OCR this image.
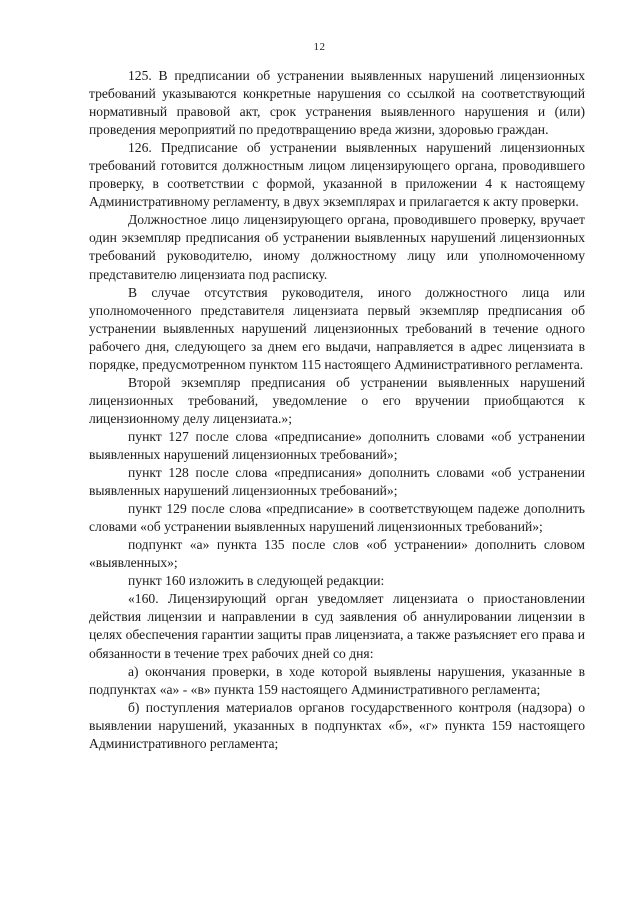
12

125. В предписании об устранении выявленных нарушений лицензионных требований указываются конкретные нарушения со ссылкой на соответствующий нормативный правовой акт, срок устранения выявленного нарушения и (или) проведения мероприятий по предотвращению вреда жизни, здоровью граждан.

126. Предписание об устранении выявленных нарушений лицензионных требований готовится должностным лицом лицензирующего органа, проводившего проверку, в соответствии с формой, указанной в приложении 4 к настоящему Административному регламенту, в двух экземплярах и прилагается к акту проверки.

Должностное лицо лицензирующего органа, проводившего проверку, вручает один экземпляр предписания об устранении выявленных нарушений лицензионных требований руководителю, иному должностному лицу или уполномоченному представителю лицензиата под расписку.

В случае отсутствия руководителя, иного должностного лица или уполномоченного представителя лицензиата первый экземпляр предписания об устранении выявленных нарушений лицензионных требований в течение одного рабочего дня, следующего за днем его выдачи, направляется в адрес лицензиата в порядке, предусмотренном пунктом 115 настоящего Административного регламента.

Второй экземпляр предписания об устранении выявленных нарушений лицензионных требований, уведомление о его вручении приобщаются к лицензионному делу лицензиата.»;

пункт 127 после слова «предписание» дополнить словами «об устранении выявленных нарушений лицензионных требований»;

пункт 128 после слова «предписания» дополнить словами «об устранении выявленных нарушений лицензионных требований»;

пункт 129 после слова «предписание» в соответствующем падеже дополнить словами «об устранении выявленных нарушений лицензионных требований»;

подпункт «а» пункта 135 после слов «об устранении» дополнить словом «выявленных»;

пункт 160 изложить в следующей редакции:

«160. Лицензирующий орган уведомляет лицензиата о приостановлении действия лицензии и направлении в суд заявления об аннулировании лицензии в целях обеспечения гарантии защиты прав лицензиата, а также разъясняет его права и обязанности в течение трех рабочих дней со дня:

а) окончания проверки, в ходе которой выявлены нарушения, указанные в подпунктах «а» - «в» пункта 159 настоящего Административного регламента;

б) поступления материалов органов государственного контроля (надзора) о выявлении нарушений, указанных в подпунктах «б», «г» пункта 159 настоящего Административного регламента;
